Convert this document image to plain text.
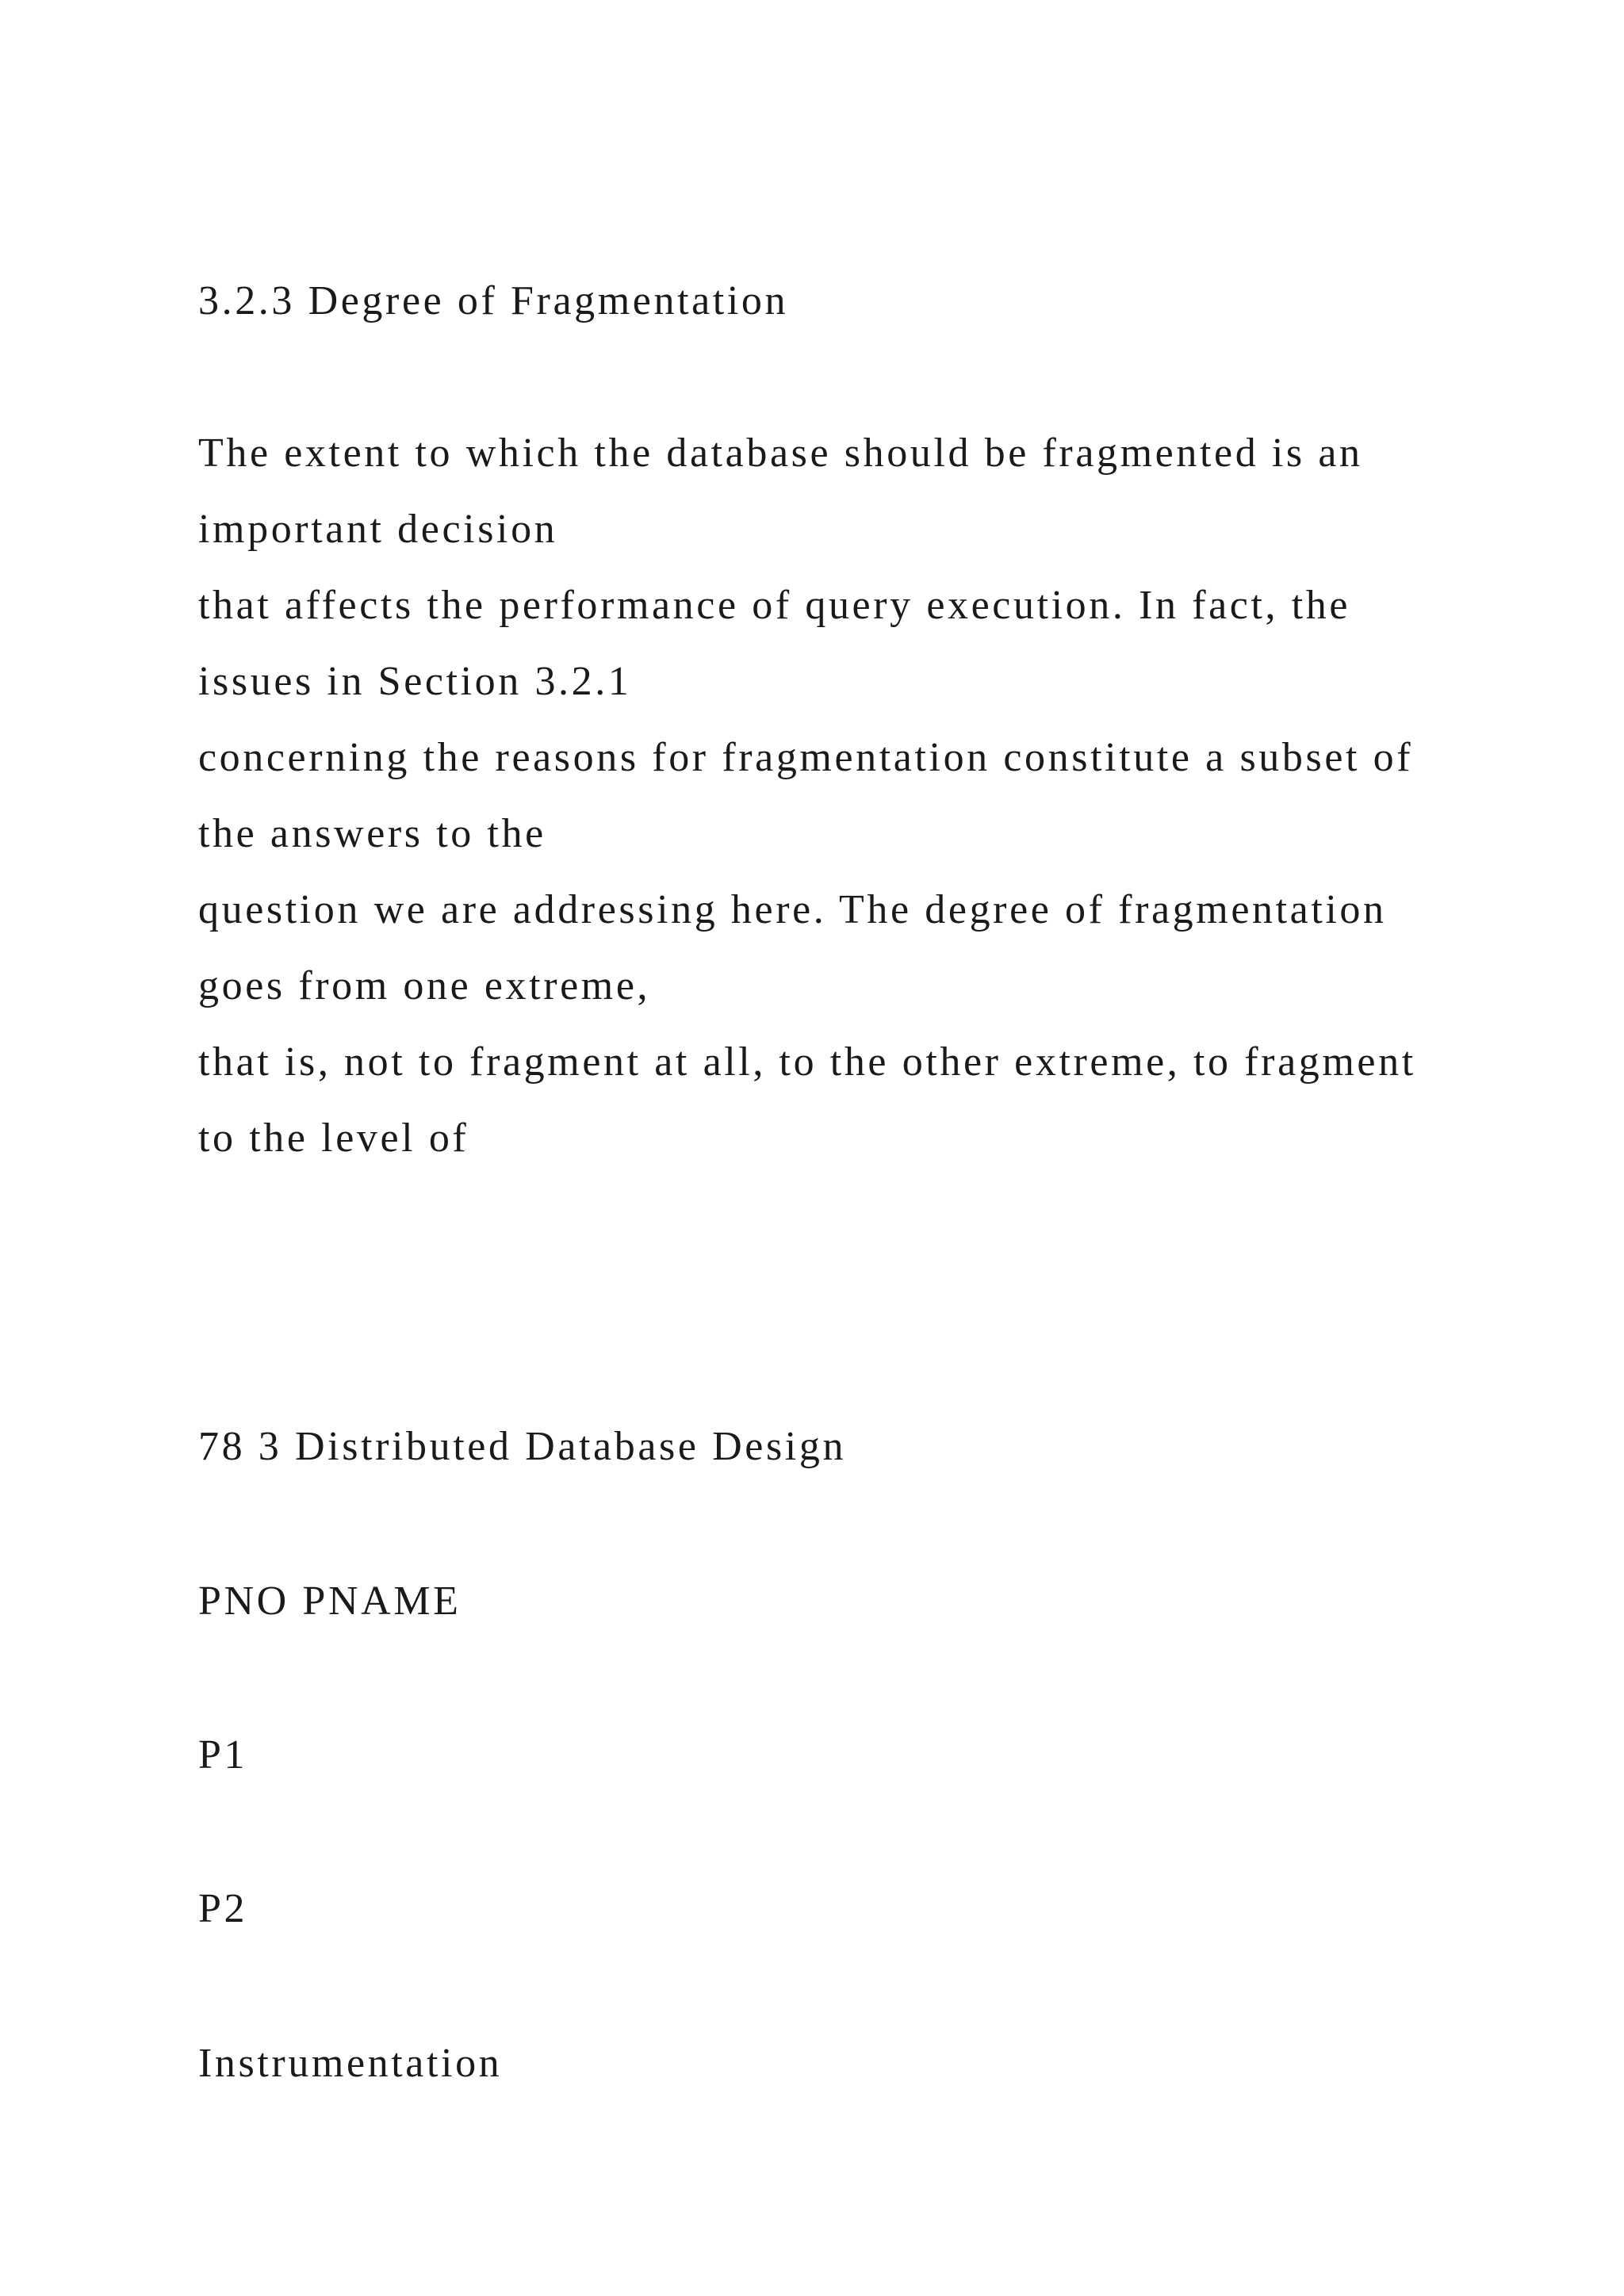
3.2.3 Degree of Fragmentation

The extent to which the database should be fragmented is an

important decision

that affects the performance of query execution. In fact, the

issues in Section 3.2.1

concerning the reasons for fragmentation constitute a subset of

the answers to the

question we are addressing here. The degree of fragmentation

goes from one extreme,

that is, not to fragment at all, to the other extreme, to fragment

to the level of

78 3 Distributed Database Design

PNO PNAME

P1

P2

Instrumentation
